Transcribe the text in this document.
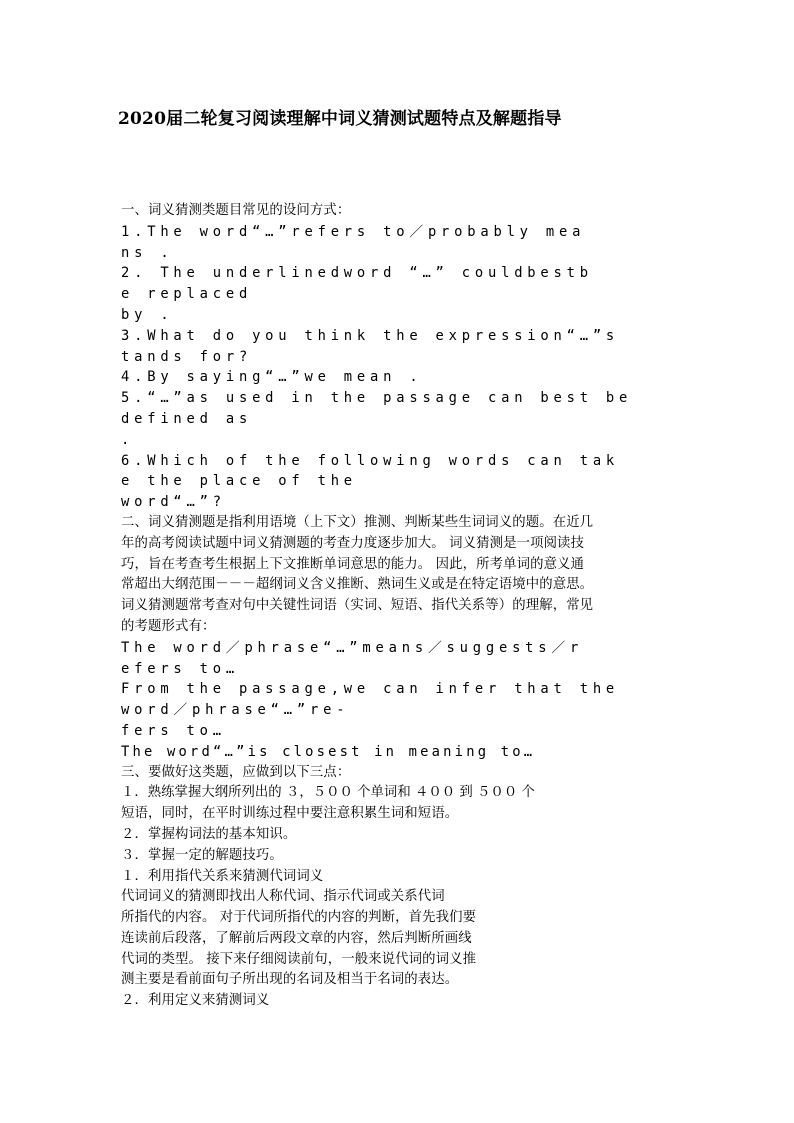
2020届二轮复习阅读理解中词义猜测试题特点及解题指导

一、词义猜测类题目常见的设问方式：

1.The word“…”refers to／probably mea

ns .

2. The underlinedword “…” couldbestb

e replaced

by .

3.What do you think the expression“…”s

tands for?

4.By saying“…”we mean .

5.“…”as used in the passage can best be

defined as

.

6.Which of the following words can tak

e the place of the

word“…”?

二、词义猜测题是指利用语境（上下文）推测、判断某些生词词义的题。在近几

年的高考阅读试题中词义猜测题的考查力度逐步加大。 词义猜测是一项阅读技

巧，旨在考查考生根据上下文推断单词意思的能力。 因此，所考单词的意义通

常超出大纲范围－－－超纲词义含义推断、熟词生义或是在特定语境中的意思。

词义猜测题常考查对句中关键性词语（实词、短语、指代关系等）的理解，常见

的考题形式有：

The word／phrase“…”means／suggests／r

efers to…

From the passage,we can infer that the

word／phrase“…”re-

fers to…

The word“…”is closest in meaning to…

三、要做好这类题，应做到以下三点：

１．熟练掌握大纲所列出的 ３，５００ 个单词和 ４００ 到 ５００ 个

短语，同时，在平时训练过程中要注意积累生词和短语。

２．掌握构词法的基本知识。

３．掌握一定的解题技巧。

１．利用指代关系来猜测代词词义

代词词义的猜测即找出人称代词、指示代词或关系代词

所指代的内容。 对于代词所指代的内容的判断，首先我们要

连读前后段落，了解前后两段文章的内容，然后判断所画线

代词的类型。 接下来仔细阅读前句，一般来说代词的词义推

测主要是看前面句子所出现的名词及相当于名词的表达。

２．利用定义来猜测词义
